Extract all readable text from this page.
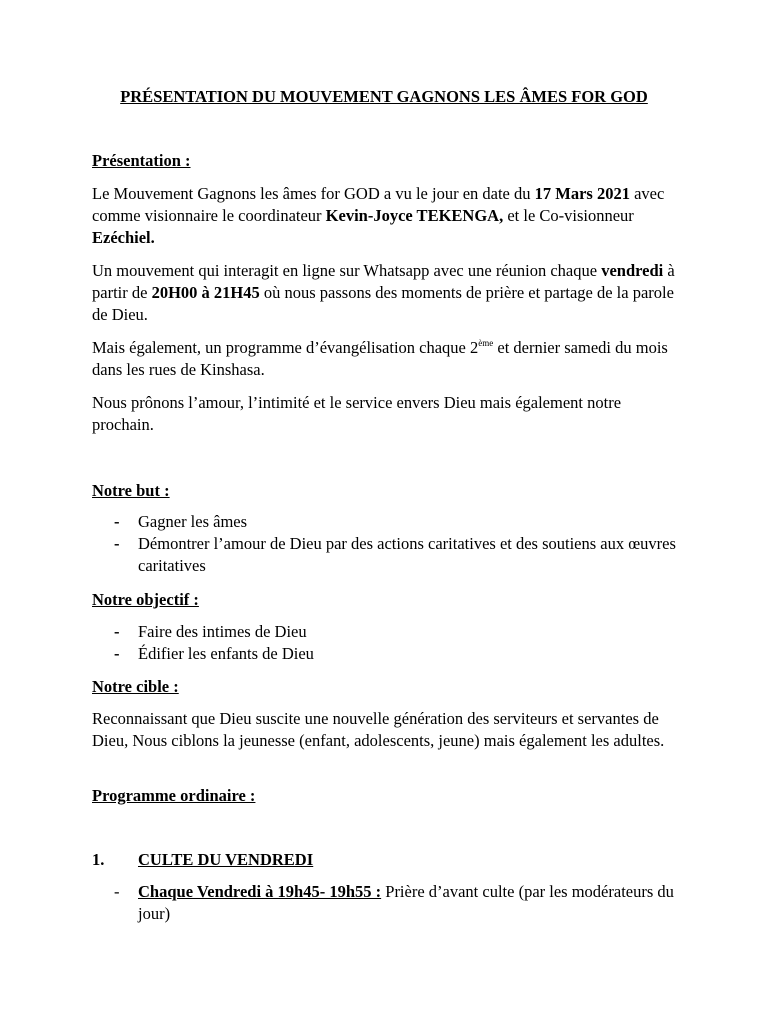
PRÉSENTATION DU MOUVEMENT GAGNONS LES ÂMES FOR GOD
Présentation :

Le Mouvement Gagnons les âmes for GOD a vu le jour en date du 17 Mars 2021 avec comme visionnaire le coordinateur Kevin-Joyce TEKENGA, et le Co-visionneur Ezéchiel.

Un mouvement qui interagit en ligne sur Whatsapp avec une réunion chaque vendredi à partir de 20H00 à 21H45 où nous passons des moments de prière et partage de la parole de Dieu.

Mais également, un programme d’évangélisation chaque 2ème et dernier samedi du mois dans les rues de Kinshasa.

Nous prônons l’amour, l’intimité et le service envers Dieu mais également notre prochain.

Notre but :
- Gagner les âmes
- Démontrer l’amour de Dieu par des actions caritatives et des soutiens aux œuvres caritatives
Notre objectif :
- Faire des intimes de Dieu
- Édifier les enfants de Dieu
Notre cible :

Reconnaissant que Dieu suscite une nouvelle génération des serviteurs et servantes de Dieu, Nous ciblons la jeunesse (enfant, adolescents, jeune) mais également les adultes.

Programme ordinaire :
1. CULTE DU VENDREDI
- Chaque Vendredi à 19h45- 19h55 : Prière d’avant culte (par les modérateurs du jour)
